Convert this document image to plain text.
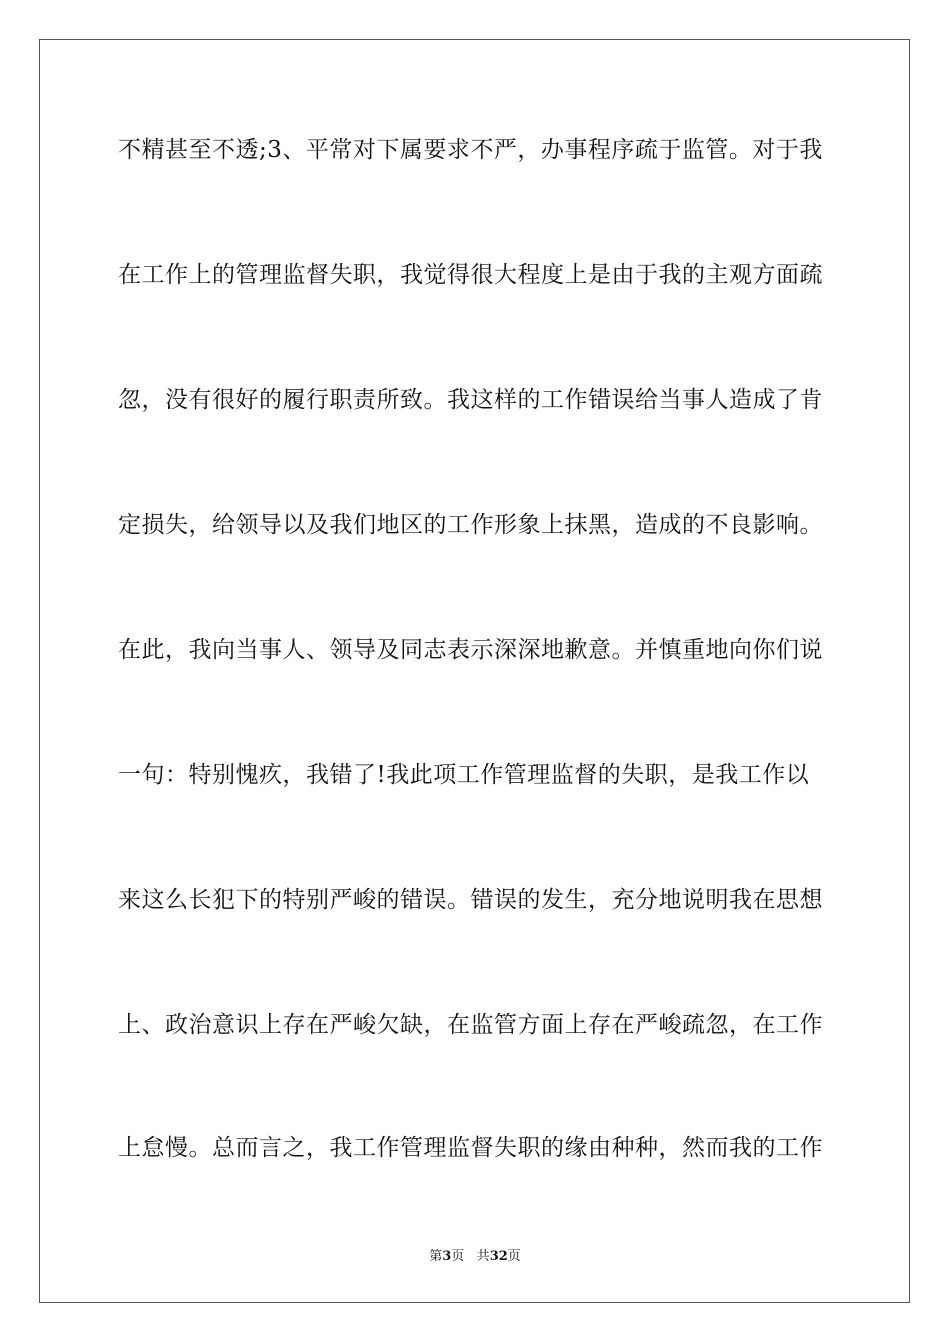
不精甚至不透;3、平常对下属要求不严，办事程序疏于监管。对于我
在工作上的管理监督失职，我觉得很大程度上是由于我的主观方面疏
忽，没有很好的履行职责所致。我这样的工作错误给当事人造成了肯
定损失，给领导以及我们地区的工作形象上抹黑，造成的不良影响。
在此，我向当事人、领导及同志表示深深地歉意。并慎重地向你们说
一句：特别愧疚，我错了!我此项工作管理监督的失职，是我工作以
来这么长犯下的特别严峻的错误。错误的发生，充分地说明我在思想
上、政治意识上存在严峻欠缺，在监管方面上存在严峻疏忽，在工作
上怠慢。总而言之，我工作管理监督失职的缘由种种，然而我的工作
第3页 共32页
